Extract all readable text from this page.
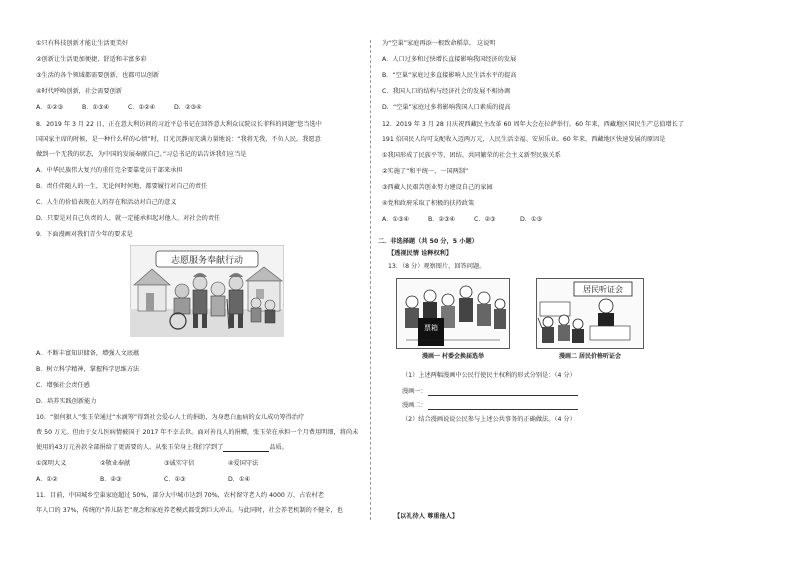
①只有科技创新才能让生活更美好
②创新让生活更加便捷、舒适和丰富多彩
③生活的各个领域都需要创新，也都可以创新
④时代呼唤创新，社会需要创新
A．①②③	B．①③④	C．①②④	D．②③④
8．2019 年 3 月 22 日，正在意大利访问的习近平总书记在回答意大利众议院议长菲科的问题“您当选中
国国家主席的时候，是一种什么样的心情”时，目光沉静而充满力量地说：“我将无我，不负人民。我愿意
做到一个无我的状态，为中国的发展奉献自己。”习总书记的话告诉我们应当是
A．中华民族伟大复兴的重任完全要靠党员干部来承担
B．责任伴随人的一生，无论何时何地，都要履行对自己的责任
C．人生的价值表现在人的存在和活动对自己的意义
D．只要是对自己负责的人，就一定能承担起对他人、对社会的责任
9．下面漫画对我们青少年的要求是
志愿服务奉献行动
A．不断丰富知识储备，增强人文底蕴
B．树立科学精神，掌握科学思维方法
C．增强社会责任感
D．培养实践创新能力
10．“狠何狠人”张玉荣通过“水滴筹”得到社会爱心人士的捐助，为身患白血病的女儿成功筹得治疗
费 50 万元。但由于女儿医病情被国于 2017 年不幸去世。面对善良人的捐赠，张玉荣在承担一个月费用明细，将尚未
使用的43万元善款全部捐给了更需要的人。从张玉荣身上我们学到了	品质。
①深明大义	②敬业奉献	③诚实守信	④爱国守法
A．①②	B．②③	C．①③	D．①④
11．目前，中国城乡空巢家庭超过 50%，部分大中城市达到 70%，农村留守老人约 4000 万，占农村老
年人口的 37%，传统的“养儿防老”观念和家庭养老模式都受到巨大冲击。与此同时，社会养老机制的不健全，也
为“空巢”家庭再添一根致命稻草。 这说明
A．人口过多和过快增长直接影响我国经济的发展
B．“空巢”家庭过多直接影响人民生活水平的提高
C．我国人口的结构与经济社会的发展不相协调
D．“空巢”家庭过多将影响我国人口素质的提高
12．2019 年 3 月 28 日庆祝西藏民主改革 60 周年大会在拉萨举行。60 年来，西藏地区国民生产总值增长了
191 倍国民人均可支配收入迈两万元，人民生活幸福、安居乐业。60 年来，西藏地区快速发展的原因是
①我国形成了民族平等、团结、共同繁荣的社会主义新型民族关系
②实施了“和平统一，一国两制”
③西藏人民艰苦创业努力建设自己的家园
④党和政府采取了积极的扶持政策
A．①③④	B．②③④	C．②③	D．①③
二．非选择题（共 50 分，5 小题）
【透视民情 诠释权利】
13．（8 分）观察图片，回答问题。
票箱
漫画一 村委会换届选举
居民听证会
漫画二 居民价格听证会
（1）上述两幅漫画中公民行使民主权利的形式分别是：（4 分）
漫画一：
漫画二：
（2）结合漫画说说公民参与上述公共事务的正确做法。（4 分）
【以礼待人 尊重他人】
